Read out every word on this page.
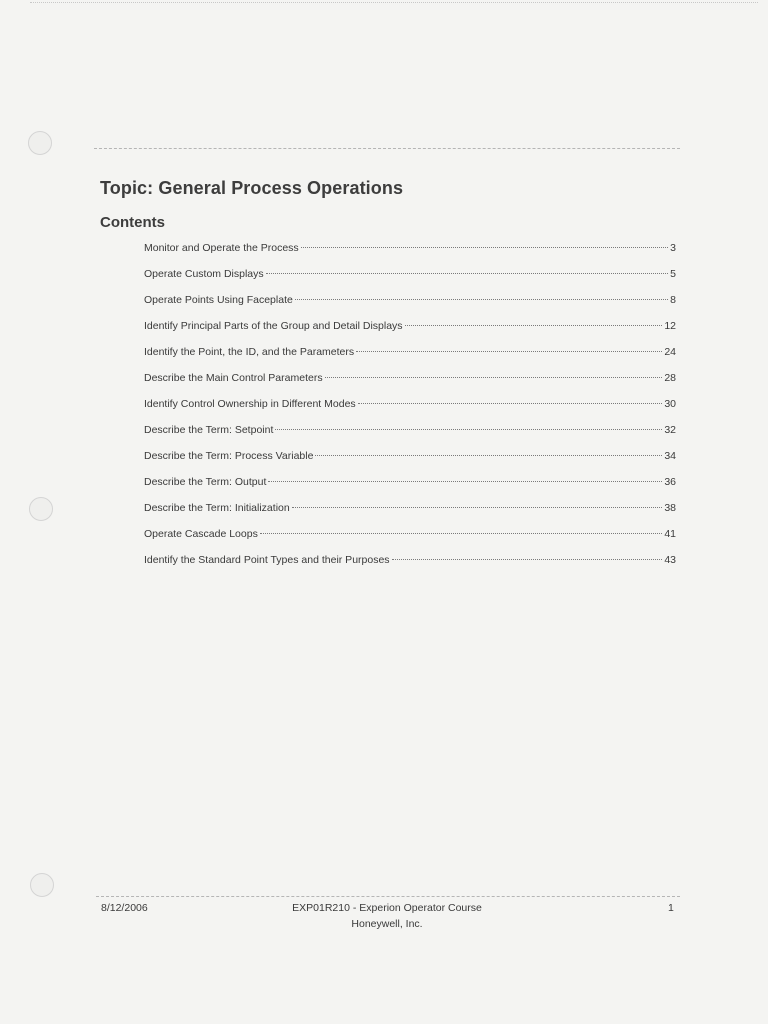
Topic: General Process Operations
Contents
Monitor and Operate the Process	3
Operate Custom Displays	5
Operate Points Using Faceplate	8
Identify Principal Parts of the Group and Detail Displays	12
Identify the Point, the ID, and the Parameters	24
Describe the Main Control Parameters	28
Identify Control Ownership in Different Modes	30
Describe the Term: Setpoint	32
Describe the Term: Process Variable	34
Describe the Term: Output	36
Describe the Term: Initialization	38
Operate Cascade Loops	41
Identify the Standard Point Types and their Purposes	43
8/12/2006	EXP01R210 - Experion Operator Course
Honeywell, Inc.
1
